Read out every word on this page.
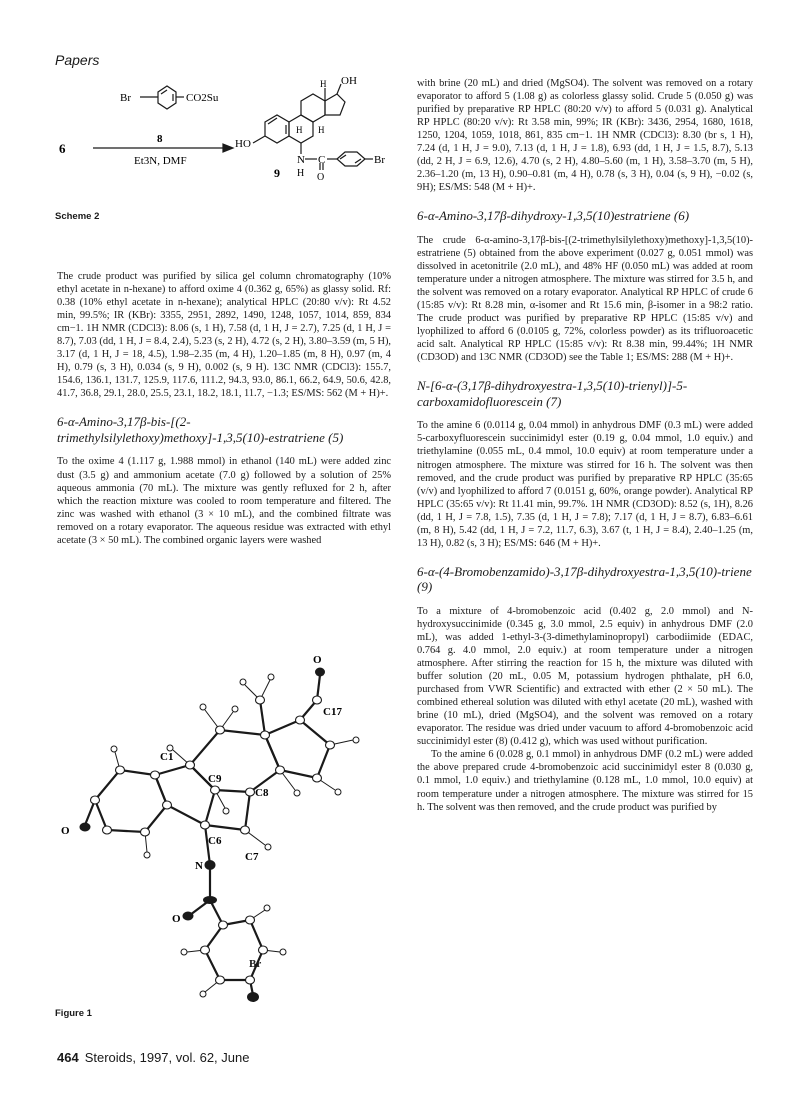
Papers
6
Br	CO2Su
8
Et3N, DMF
OH
HO
H
H H
N C
H O
Br
9
Scheme 2

The crude product was purified by silica gel column chromatography (10% ethyl acetate in n-hexane) to afford oxime 4 (0.362 g, 65%) as glassy solid. Rf: 0.38 (10% ethyl acetate in n-hexane); analytical HPLC (20:80 v/v): Rt 4.52 min, 99.5%; IR (KBr): 3355, 2951, 2892, 1490, 1248, 1057, 1014, 859, 834 cm−1. 1H NMR (CDCl3): 8.06 (s, 1 H), 7.58 (d, 1 H, J = 2.7), 7.25 (d, 1 H, J = 8.7), 7.03 (dd, 1 H, J = 8.4, 2.4), 5.23 (s, 2 H), 4.72 (s, 2 H), 3.80–3.59 (m, 5 H), 3.17 (d, 1 H, J = 18, 4.5), 1.98–2.35 (m, 4 H), 1.20–1.85 (m, 8 H), 0.97 (m, 4 H), 0.79 (s, 3 H), 0.034 (s, 9 H), 0.002 (s, 9 H). 13C NMR (CDCl3): 155.7, 154.6, 136.1, 131.7, 125.9, 117.6, 111.2, 94.3, 93.0, 86.1, 66.2, 64.9, 50.6, 42.8, 41.7, 36.8, 29.1, 28.0, 25.5, 23.1, 18.2, 18.1, 11.7, −1.3; ES/MS: 562 (M + H)+.

6-α-Amino-3,17β-bis-[(2-trimethylsilylethoxy)methoxy]-1,3,5(10)-estratriene (5)

To the oxime 4 (1.117 g, 1.988 mmol) in ethanol (140 mL) were added zinc dust (3.5 g) and ammonium acetate (7.0 g) followed by a solution of 25% aqueous ammonia (70 mL). The mixture was gently refluxed for 2 h, after which the reaction mixture was cooled to room temperature and filtered. The zinc was washed with ethanol (3 × 10 mL), and the combined filtrate was removed on a rotary evaporator. The aqueous residue was extracted with ethyl acetate (3 × 50 mL). The combined organic layers were washed

O
C17
C1
C9
C8
C6
C7
O
N
O
Br
Figure 1

with brine (20 mL) and dried (MgSO4). The solvent was removed on a rotary evaporator to afford 5 (1.08 g) as colorless glassy solid. Crude 5 (0.050 g) was purified by preparative RP HPLC (80:20 v/v) to afford 5 (0.031 g). Analytical RP HPLC (80:20 v/v): Rt 3.58 min, 99%; IR (KBr): 3436, 2954, 1680, 1618, 1250, 1204, 1059, 1018, 861, 835 cm−1. 1H NMR (CDCl3): 8.30 (br s, 1 H), 7.24 (d, 1 H, J = 9.0), 7.13 (d, 1 H, J = 1.8), 6.93 (dd, 1 H, J = 1.5, 8.7), 5.13 (dd, 2 H, J = 6.9, 12.6), 4.70 (s, 2 H), 4.80–5.60 (m, 1 H), 3.58–3.70 (m, 5 H), 2.36–1.20 (m, 13 H), 0.90–0.81 (m, 4 H), 0.78 (s, 3 H), 0.04 (s, 9 H), −0.02 (s, 9H); ES/MS: 548 (M + H)+.

6-α-Amino-3,17β-dihydroxy-1,3,5(10)estratriene (6)

The crude 6-α-amino-3,17β-bis-[(2-trimethylsilylethoxy)methoxy]-1,3,5(10)-estratriene (5) obtained from the above experiment (0.027 g, 0.051 mmol) was dissolved in acetonitrile (2.0 mL), and 48% HF (0.050 mL) was added at room temperature under a nitrogen atmosphere. The mixture was stirred for 3.5 h, and the solvent was removed on a rotary evaporator. Analytical RP HPLC of crude 6 (15:85 v/v): Rt 8.28 min, α-isomer and Rt 15.6 min, β-isomer in a 98:2 ratio. The crude product was purified by preparative RP HPLC (15:85 v/v) and lyophilized to afford 6 (0.0105 g, 72%, colorless powder) as its trifluoroacetic acid salt. Analytical RP HPLC (15:85 v/v): Rt 8.38 min, 99.44%; 1H NMR (CD3OD) and 13C NMR (CD3OD) see the Table 1; ES/MS: 288 (M + H)+.

N-[6-α-(3,17β-dihydroxyestra-1,3,5(10)-trienyl)]-5-carboxamidofluorescein (7)

To the amine 6 (0.0114 g, 0.04 mmol) in anhydrous DMF (0.3 mL) were added 5-carboxyfluorescein succinimidyl ester (0.19 g, 0.04 mmol, 1.0 equiv.) and triethylamine (0.055 mL, 0.4 mmol, 10.0 equiv) at room temperature under a nitrogen atmosphere. The mixture was stirred for 16 h. The solvent was then removed, and the crude product was purified by preparative RP HPLC (35:65 (v/v) and lyophilized to afford 7 (0.0151 g, 60%, orange powder). Analytical RP HPLC (35:65 v/v): Rt 11.41 min, 99.7%. 1H NMR (CD3OD): 8.52 (s, 1H), 8.26 (dd, 1 H, J = 7.8, 1.5), 7.35 (d, 1 H, J = 7.8); 7.17 (d, 1 H, J = 8.7), 6.83–6.61 (m, 8 H), 5.42 (dd, 1 H, J = 7.2, 11.7, 6.3), 3.67 (t, 1 H, J = 8.4), 2.40–1.25 (m, 13 H), 0.82 (s, 3 H); ES/MS: 646 (M + H)+.

6-α-(4-Bromobenzamido)-3,17β-dihydroxyestra-1,3,5(10)-triene (9)

To a mixture of 4-bromobenzoic acid (0.402 g, 2.0 mmol) and N-hydroxysuccinimide (0.345 g, 3.0 mmol, 2.5 equiv) in anhydrous DMF (2.0 mL), was added 1-ethyl-3-(3-dimethylaminopropyl) carbodiimide (EDAC, 0.764 g. 4.0 mmol, 2.0 equiv.) at room temperature under a nitrogen atmosphere. After stirring the reaction for 15 h, the mixture was diluted with buffer solution (20 mL, 0.05 M, potassium hydrogen phthalate, pH 6.0, purchased from VWR Scientific) and extracted with ether (2 × 50 mL). The combined ethereal solution was diluted with ethyl acetate (20 mL), washed with brine (10 mL), dried (MgSO4), and the solvent was removed on a rotary evaporator. The residue was dried under vacuum to afford 4-bromobenzoic acid succinimidyl ester (8) (0.412 g), which was used without purification.

To the amine 6 (0.028 g, 0.1 mmol) in anhydrous DMF (0.2 mL) were added the above prepared crude 4-bromobenzoic acid succinimidyl ester 8 (0.030 g, 0.1 mmol, 1.0 equiv.) and triethylamine (0.128 mL, 1.0 mmol, 10.0 equiv) at room temperature under a nitrogen atmosphere. The mixture was stirred for 15 h. The solvent was then removed, and the crude product was purified by

464 Steroids, 1997, vol. 62, June
